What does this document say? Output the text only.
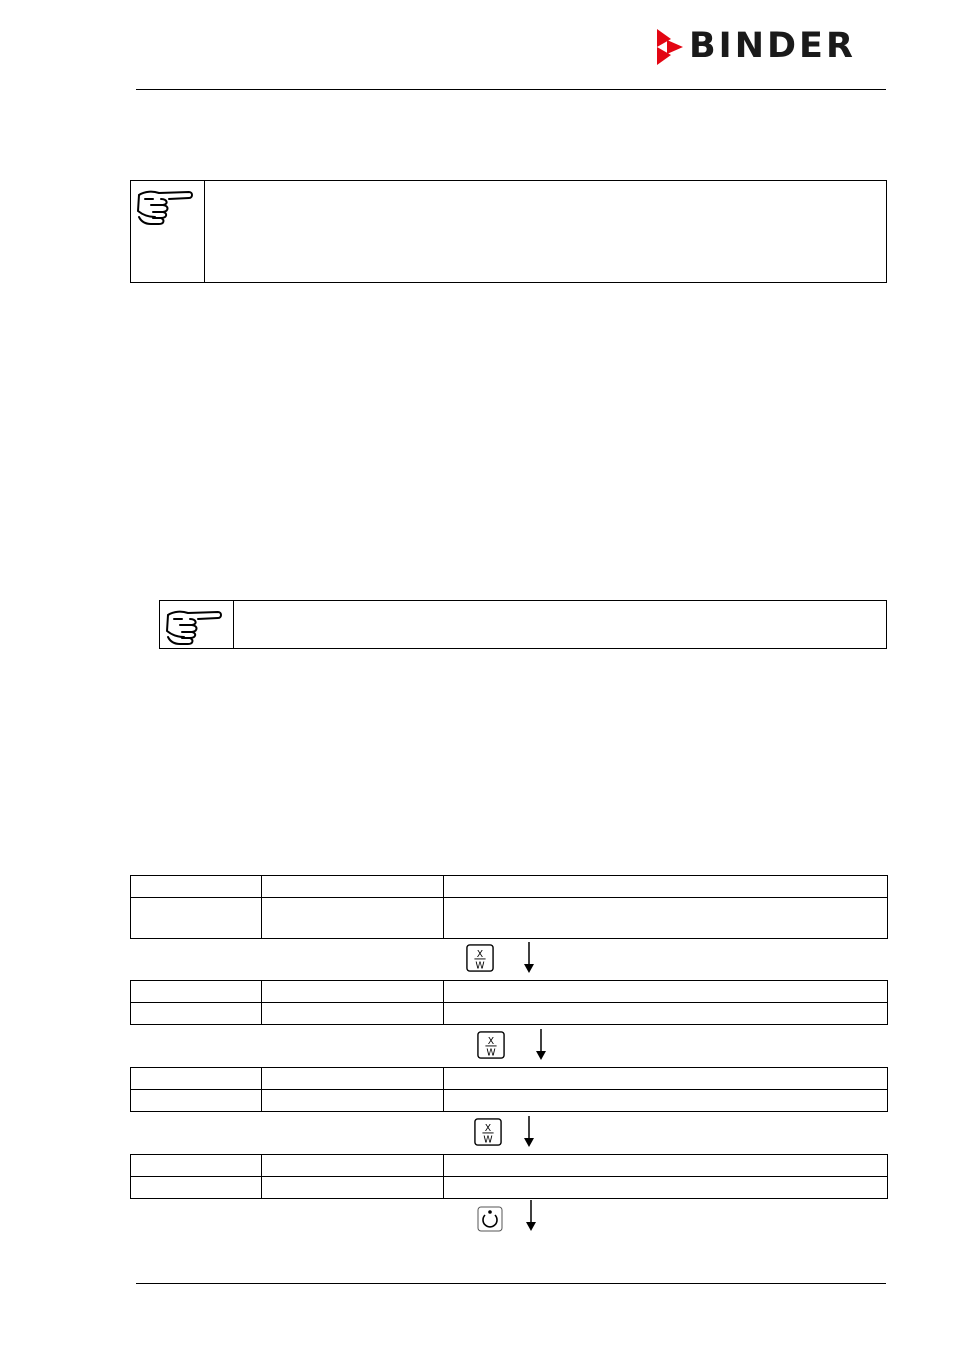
BINDER

X
W

X
W

X
W
